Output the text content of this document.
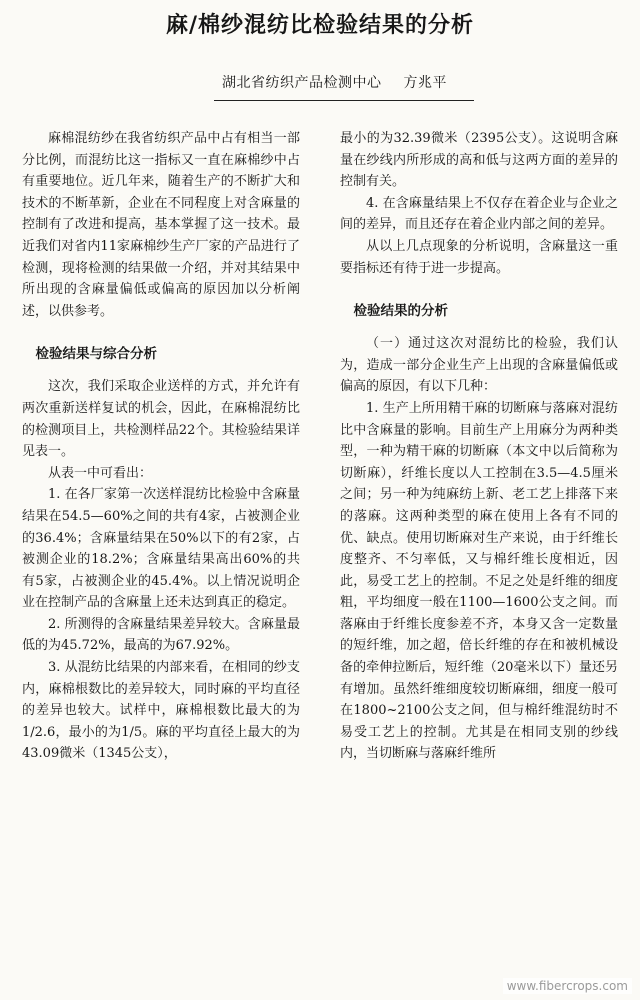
麻/棉纱混纺比检验结果的分析
湖北省纺织产品检测中心 方兆平

麻棉混纺纱在我省纺织产品中占有相当一部分比例，而混纺比这一指标又一直在麻棉纱中占有重要地位。近几年来，随着生产的不断扩大和技术的不断革新，企业在不同程度上对含麻量的控制有了改进和提高，基本掌握了这一技术。最近我们对省内11家麻棉纱生产厂家的产品进行了检测，现将检测的结果做一介绍，并对其结果中所出现的含麻量偏低或偏高的原因加以分析阐述，以供参考。

检验结果与综合分析

这次，我们采取企业送样的方式，并允许有两次重新送样复试的机会，因此，在麻棉混纺比的检测项目上，共检测样品22个。其检验结果详见表一。

从表一中可看出：

1. 在各厂家第一次送样混纺比检验中含麻量结果在54.5—60%之间的共有4家，占被测企业的36.4%；含麻量结果在50%以下的有2家，占被测企业的18.2%；含麻量结果高出60%的共有5家，占被测企业的45.4%。以上情况说明企业在控制产品的含麻量上还未达到真正的稳定。

2. 所测得的含麻量结果差异较大。含麻量最低的为45.72%，最高的为67.92%。

3. 从混纺比结果的内部来看，在相同的纱支内，麻棉根数比的差异较大，同时麻的平均直径的差异也较大。试样中，麻棉根数比最大的为1/2.6，最小的为1/5。麻的平均直径上最大的为43.09微米（1345公支），

最小的为32.39微米（2395公支）。这说明含麻量在纱线内所形成的高和低与这两方面的差异的控制有关。

4. 在含麻量结果上不仅存在着企业与企业之间的差异，而且还存在着企业内部之间的差异。

从以上几点现象的分析说明，含麻量这一重要指标还有待于进一步提高。

检验结果的分析

（一）通过这次对混纺比的检验，我们认为，造成一部分企业生产上出现的含麻量偏低或偏高的原因，有以下几种：

1. 生产上所用精干麻的切断麻与落麻对混纺比中含麻量的影响。目前生产上用麻分为两种类型，一种为精干麻的切断麻（本文中以后简称为切断麻），纤维长度以人工控制在3.5—4.5厘米之间；另一种为纯麻纺上新、老工艺上排落下来的落麻。这两种类型的麻在使用上各有不同的优、缺点。使用切断麻对生产来说，由于纤维长度整齐、不匀率低，又与棉纤维长度相近，因此，易受工艺上的控制。不足之处是纤维的细度粗，平均细度一般在1100—1600公支之间。而落麻由于纤维长度参差不齐，本身又含一定数量的短纤维，加之超，倍长纤维的存在和被机械设备的牵伸拉断后，短纤维（20毫米以下）量还另有增加。虽然纤维细度较切断麻细，细度一般可在1800~2100公支之间，但与棉纤维混纺时不易受工艺上的控制。尤其是在相同支别的纱线内，当切断麻与落麻纤维所

www.fibercrops.com
